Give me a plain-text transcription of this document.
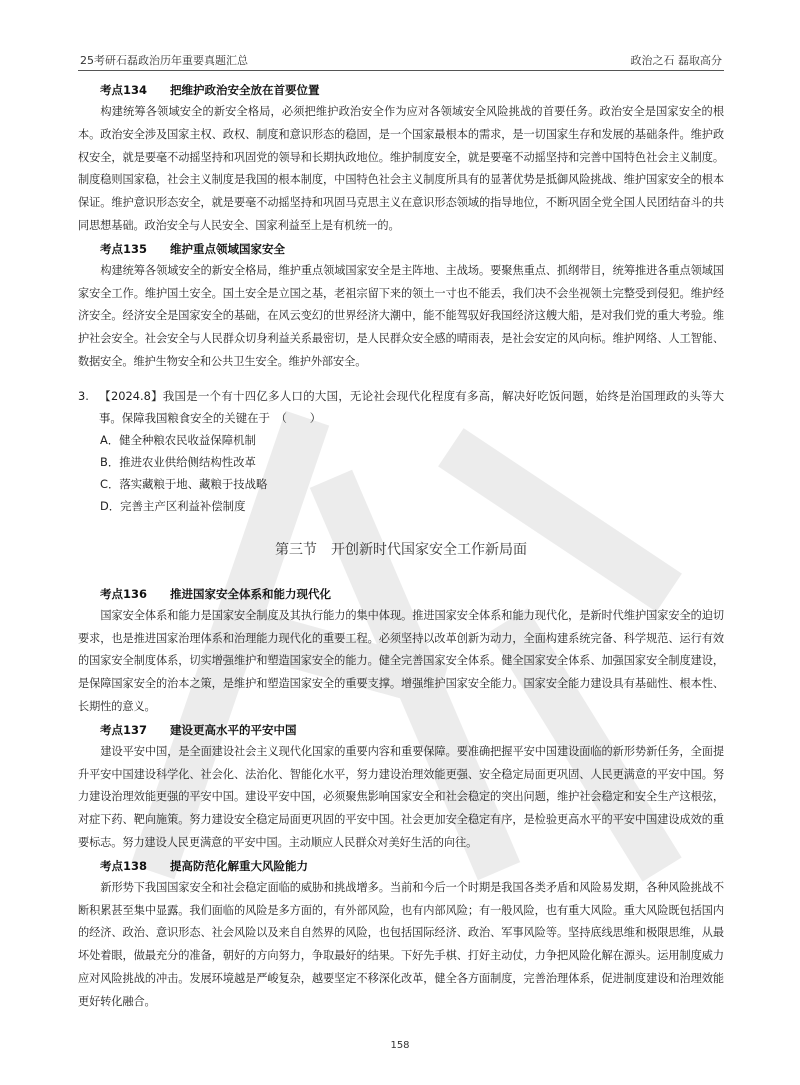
25考研石磊政治历年重要真题汇总	政治之石 磊取高分
考点134 把维护政治安全放在首要位置

构建统筹各领域安全的新安全格局，必须把维护政治安全作为应对各领域安全风险挑战的首要任务。政治安全是国家安全的根本。政治安全涉及国家主权、政权、制度和意识形态的稳固，是一个国家最根本的需求，是一切国家生存和发展的基础条件。维护政权安全，就是要毫不动摇坚持和巩固党的领导和长期执政地位。维护制度安全，就是要毫不动摇坚持和完善中国特色社会主义制度。制度稳则国家稳，社会主义制度是我国的根本制度，中国特色社会主义制度所具有的显著优势是抵御风险挑战、维护国家安全的根本保证。维护意识形态安全，就是要毫不动摇坚持和巩固马克思主义在意识形态领域的指导地位，不断巩固全党全国人民团结奋斗的共同思想基础。政治安全与人民安全、国家利益至上是有机统一的。

考点135 维护重点领域国家安全

构建统筹各领域安全的新安全格局，维护重点领域国家安全是主阵地、主战场。要聚焦重点、抓纲带目，统筹推进各重点领域国家安全工作。维护国土安全。国土安全是立国之基，老祖宗留下来的领土一寸也不能丢，我们决不会坐视领土完整受到侵犯。维护经济安全。经济安全是国家安全的基础，在风云变幻的世界经济大潮中，能不能驾驭好我国经济这艘大船，是对我们党的重大考验。维护社会安全。社会安全与人民群众切身利益关系最密切，是人民群众安全感的晴雨表，是社会安定的风向标。维护网络、人工智能、数据安全。维护生物安全和公共卫生安全。维护外部安全。

3. 【2024.8】我国是一个有十四亿多人口的大国，无论社会现代化程度有多高，解决好吃饭问题，始终是治国理政的头等大事。保障我国粮食安全的关键在于　（　　）
A．健全种粮农民收益保障机制
B．推进农业供给侧结构性改革
C．落实藏粮于地、藏粮于技战略
D．完善主产区利益补偿制度
第三节　开创新时代国家安全工作新局面
考点136 推进国家安全体系和能力现代化

国家安全体系和能力是国家安全制度及其执行能力的集中体现。推进国家安全体系和能力现代化，是新时代维护国家安全的迫切要求，也是推进国家治理体系和治理能力现代化的重要工程。必须坚持以改革创新为动力，全面构建系统完备、科学规范、运行有效的国家安全制度体系，切实增强维护和塑造国家安全的能力。健全完善国家安全体系。健全国家安全体系、加强国家安全制度建设，是保障国家安全的治本之策，是维护和塑造国家安全的重要支撑。增强维护国家安全能力。国家安全能力建设具有基础性、根本性、长期性的意义。

考点137 建设更高水平的平安中国

建设平安中国，是全面建设社会主义现代化国家的重要内容和重要保障。要准确把握平安中国建设面临的新形势新任务，全面提升平安中国建设科学化、社会化、法治化、智能化水平，努力建设治理效能更强、安全稳定局面更巩固、人民更满意的平安中国。努力建设治理效能更强的平安中国。建设平安中国，必须聚焦影响国家安全和社会稳定的突出问题，维护社会稳定和安全生产这根弦，对症下药、靶向施策。努力建设安全稳定局面更巩固的平安中国。社会更加安全稳定有序，是检验更高水平的平安中国建设成效的重要标志。努力建设人民更满意的平安中国。主动顺应人民群众对美好生活的向往。

考点138 提高防范化解重大风险能力

新形势下我国国家安全和社会稳定面临的威胁和挑战增多。当前和今后一个时期是我国各类矛盾和风险易发期，各种风险挑战不断积累甚至集中显露。我们面临的风险是多方面的，有外部风险，也有内部风险；有一般风险，也有重大风险。重大风险既包括国内的经济、政治、意识形态、社会风险以及来自自然界的风险，也包括国际经济、政治、军事风险等。坚持底线思维和极限思维，从最坏处着眼，做最充分的准备，朝好的方向努力，争取最好的结果。下好先手棋、打好主动仗，力争把风险化解在源头。运用制度威力应对风险挑战的冲击。发展环境越是严峻复杂，越要坚定不移深化改革，健全各方面制度，完善治理体系，促进制度建设和治理效能更好转化融合。

158
